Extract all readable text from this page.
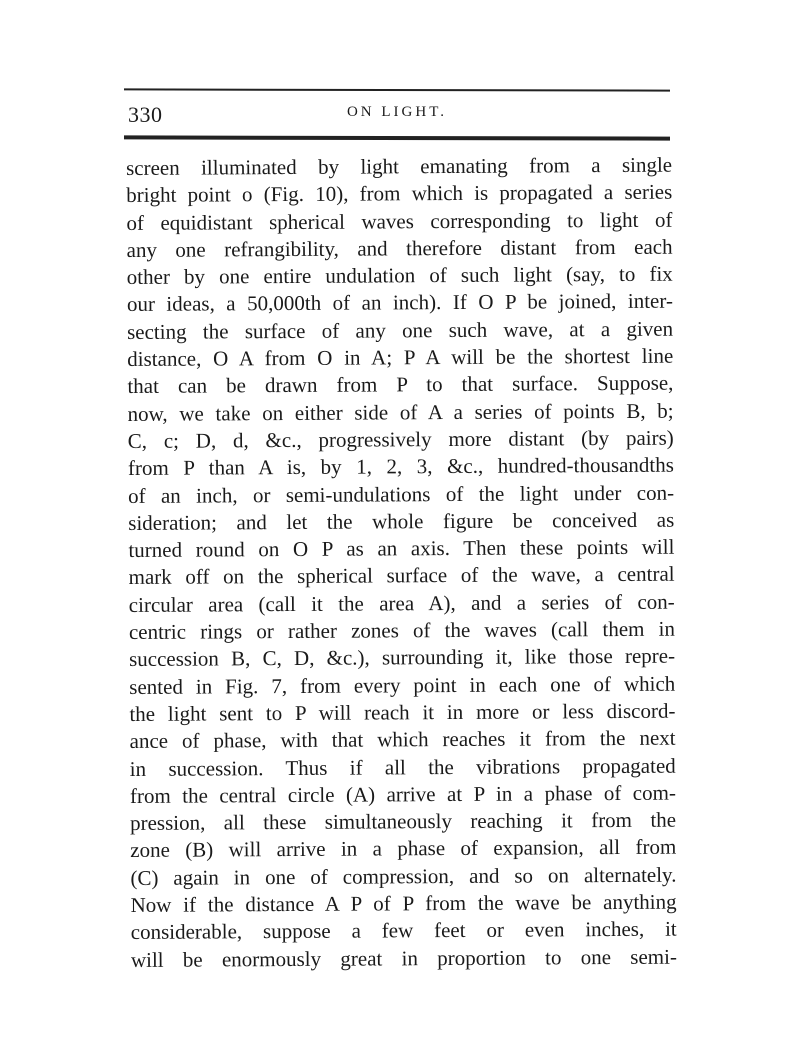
330	ON LIGHT.
screen illuminated by light emanating from a single
bright point o (Fig. 10), from which is propagated a series
of equidistant spherical waves corresponding to light of
any one refrangibility, and therefore distant from each
other by one entire undulation of such light (say, to fix
our ideas, a 50,000th of an inch). If O P be joined, inter-
secting the surface of any one such wave, at a given
distance, O A from O in A; P A will be the shortest line
that can be drawn from P to that surface. Suppose,
now, we take on either side of A a series of points B, b;
C, c; D, d, &c., progressively more distant (by pairs)
from P than A is, by 1, 2, 3, &c., hundred-thousandths
of an inch, or semi-undulations of the light under con-
sideration; and let the whole figure be conceived as
turned round on O P as an axis. Then these points will
mark off on the spherical surface of the wave, a central
circular area (call it the area A), and a series of con-
centric rings or rather zones of the waves (call them in
succession B, C, D, &c.), surrounding it, like those repre-
sented in Fig. 7, from every point in each one of which
the light sent to P will reach it in more or less discord-
ance of phase, with that which reaches it from the next
in succession. Thus if all the vibrations propagated
from the central circle (A) arrive at P in a phase of com-
pression, all these simultaneously reaching it from the
zone (B) will arrive in a phase of expansion, all from
(C) again in one of compression, and so on alternately.
Now if the distance A P of P from the wave be anything
considerable, suppose a few feet or even inches, it
will be enormously great in proportion to one semi-
